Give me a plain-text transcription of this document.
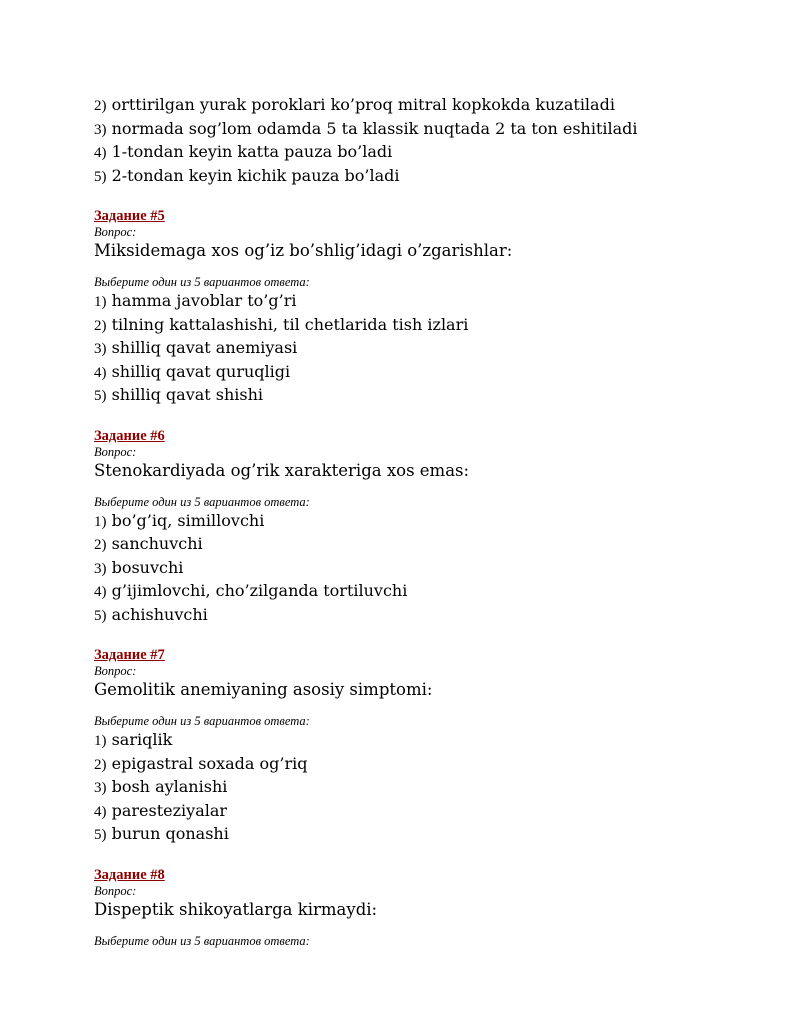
2) orttirilgan yurak poroklari ko’proq mitral kopkokda kuzatiladi
3) normada sog’lom odamda 5 ta klassik nuqtada 2 ta ton eshitiladi
4) 1-tondan keyin katta pauza bo’ladi
5) 2-tondan keyin kichik pauza bo’ladi
Задание #5
Вопрос:
Miksidemaga xos og’iz bo’shlig’idagi o’zgarishlar:
Выберите один из 5 вариантов ответа:
1) hamma javoblar to’g’ri
2) tilning kattalashishi, til chetlarida tish izlari
3) shilliq qavat anemiyasi
4) shilliq qavat quruqligi
5) shilliq qavat shishi
Задание #6
Вопрос:
Stenokardiyada og’rik xarakteriga xos emas:
Выберите один из 5 вариантов ответа:
1) bo’g’iq, simillovchi
2) sanchuvchi
3) bosuvchi
4) g’ijimlovchi, cho’zilganda tortiluvchi
5) achishuvchi
Задание #7
Вопрос:
Gemolitik anemiyaning asosiy simptomi:
Выберите один из 5 вариантов ответа:
1) sariqlik
2) epigastral soxada og’riq
3) bosh aylanishi
4) paresteziyalar
5) burun qonashi
Задание #8
Вопрос:
Dispeptik shikoyatlarga kirmaydi:
Выберите один из 5 вариантов ответа:
